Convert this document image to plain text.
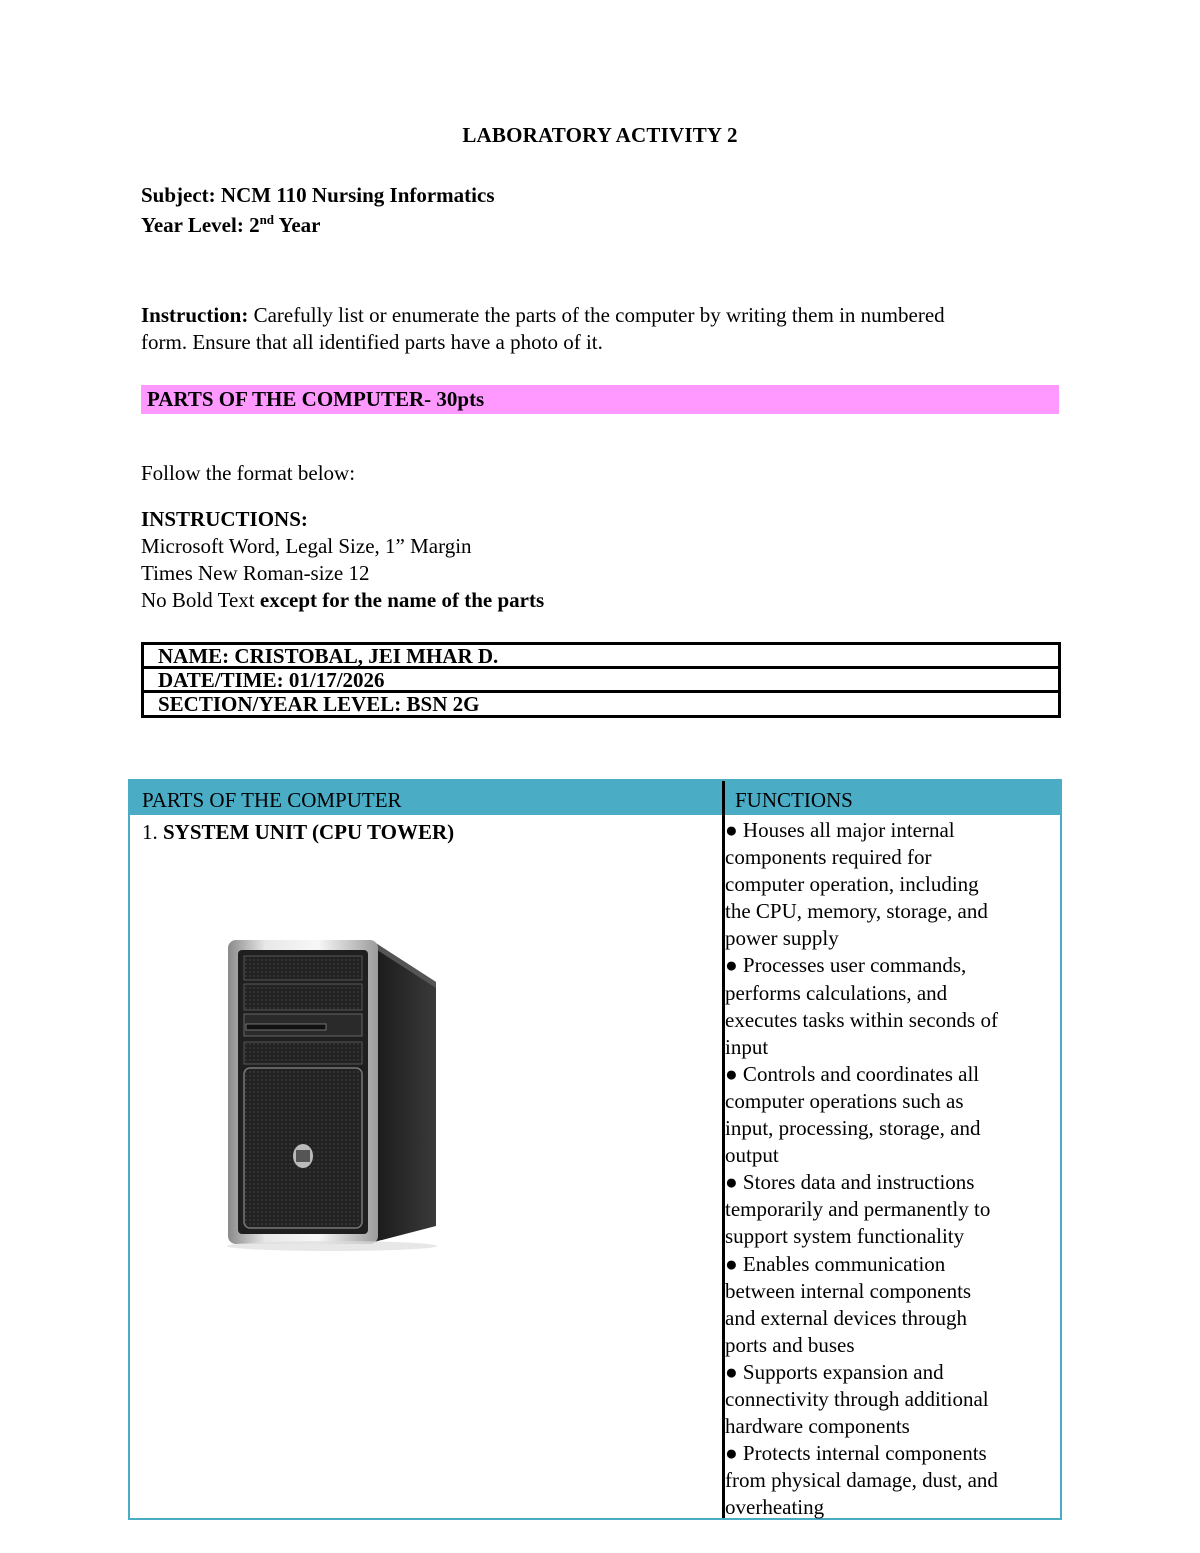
LABORATORY ACTIVITY 2
Subject: NCM 110 Nursing Informatics
Year Level: 2nd Year
Instruction: Carefully list or enumerate the parts of the computer by writing them in numbered
form. Ensure that all identified parts have a photo of it.
PARTS OF THE COMPUTER- 30pts
Follow the format below:
INSTRUCTIONS:
Microsoft Word, Legal Size, 1” Margin
Times New Roman-size 12
No Bold Text except for the name of the parts
NAME: CRISTOBAL, JEI MHAR D.
DATE/TIME: 01/17/2026
SECTION/YEAR LEVEL: BSN 2G
PARTS OF THE COMPUTER	FUNCTIONS
1. SYSTEM UNIT (CPU TOWER)	● Houses all major internal
components required for
computer operation, including
the CPU, memory, storage, and
power supply
● Processes user commands,
performs calculations, and
executes tasks within seconds of
input
● Controls and coordinates all
computer operations such as
input, processing, storage, and
output
● Stores data and instructions
temporarily and permanently to
support system functionality
● Enables communication
between internal components
and external devices through
ports and buses
● Supports expansion and
connectivity through additional
hardware components
● Protects internal components
from physical damage, dust, and
overheating
